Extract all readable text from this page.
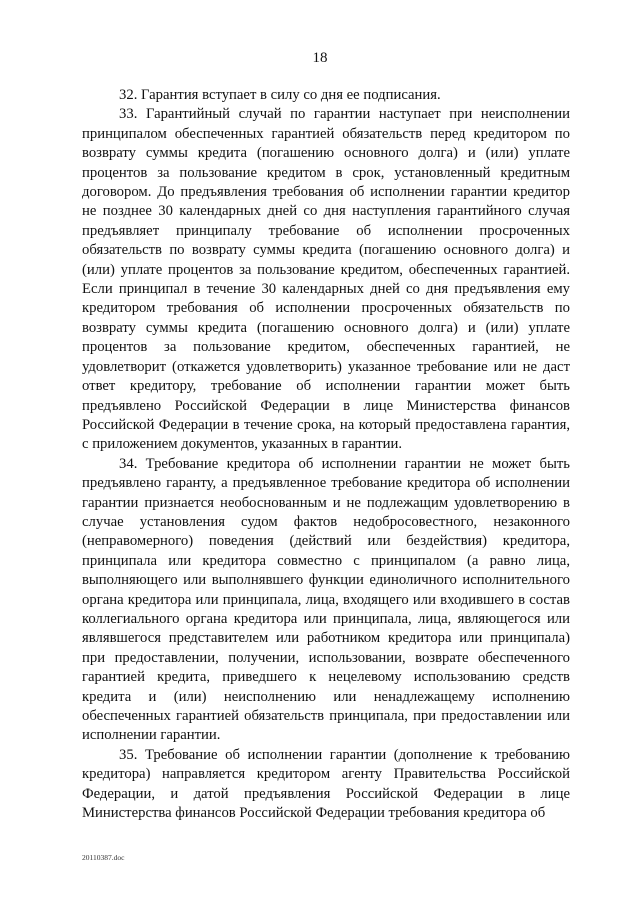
18

32. Гарантия вступает в силу со дня ее подписания.

33. Гарантийный случай по гарантии наступает при неисполнении принципалом обеспеченных гарантией обязательств перед кредитором по возврату суммы кредита (погашению основного долга) и (или) уплате процентов за пользование кредитом в срок, установленный кредитным договором. До предъявления требования об исполнении гарантии кредитор не позднее 30 календарных дней со дня наступления гарантийного случая предъявляет принципалу требование об исполнении просроченных обязательств по возврату суммы кредита (погашению основного долга) и (или) уплате процентов за пользование кредитом, обеспеченных гарантией. Если принципал в течение 30 календарных дней со дня предъявления ему кредитором требования об исполнении просроченных обязательств по возврату суммы кредита (погашению основного долга) и (или) уплате процентов за пользование кредитом, обеспеченных гарантией, не удовлетворит (откажется удовлетворить) указанное требование или не даст ответ кредитору, требование об исполнении гарантии может быть предъявлено Российской Федерации в лице Министерства финансов Российской Федерации в течение срока, на который предоставлена гарантия, с приложением документов, указанных в гарантии.

34. Требование кредитора об исполнении гарантии не может быть предъявлено гаранту, а предъявленное требование кредитора об исполнении гарантии признается необоснованным и не подлежащим удовлетворению в случае установления судом фактов недобросовестного, незаконного (неправомерного) поведения (действий или бездействия) кредитора, принципала или кредитора совместно с принципалом (а равно лица, выполняющего или выполнявшего функции единоличного исполнительного органа кредитора или принципала, лица, входящего или входившего в состав коллегиального органа кредитора или принципала, лица, являющегося или являвшегося представителем или работником кредитора или принципала) при предоставлении, получении, использовании, возврате обеспеченного гарантией кредита, приведшего к нецелевому использованию средств кредита и (или) неисполнению или ненадлежащему исполнению обеспеченных гарантией обязательств принципала, при предоставлении или исполнении гарантии.

35. Требование об исполнении гарантии (дополнение к требованию кредитора) направляется кредитором агенту Правительства Российской Федерации, и датой предъявления Российской Федерации в лице Министерства финансов Российской Федерации требования кредитора об

20110387.doc
